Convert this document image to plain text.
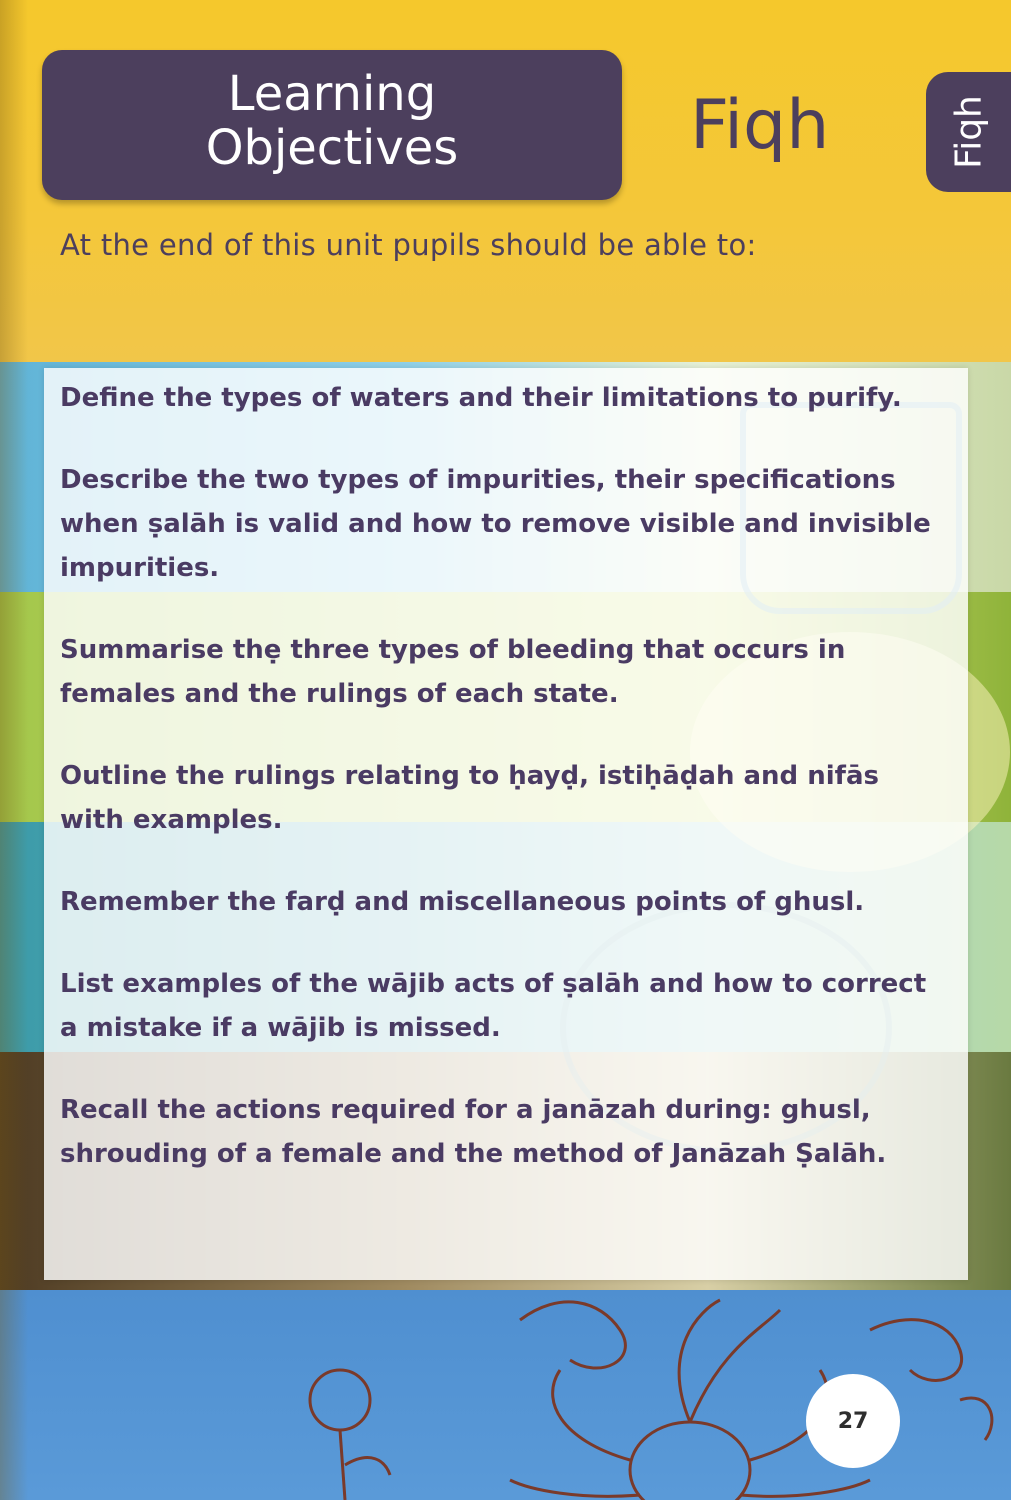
Define the types of waters and their limitations to purify.
Describe the two types of impurities, their specifications when ṣalāh is valid and how to remove visible and invisible impurities.
Summarise thẹ three types of bleeding that occurs in females and the rulings of each state.
Outline the rulings relating to ḥayḍ, istiḥāḍah and nifās with examples.
Remember the farḍ and miscellaneous points of ghusl.
List examples of the wājib acts of ṣalāh and how to correct a mistake if a wājib is missed.
Recall the actions required for a janāzah during: ghusl, shrouding of a female and the method of Janāzah Ṣalāh.
Learning
Objectives	Fiqh	Fiqh
At the end of this unit pupils should be able to:
27
